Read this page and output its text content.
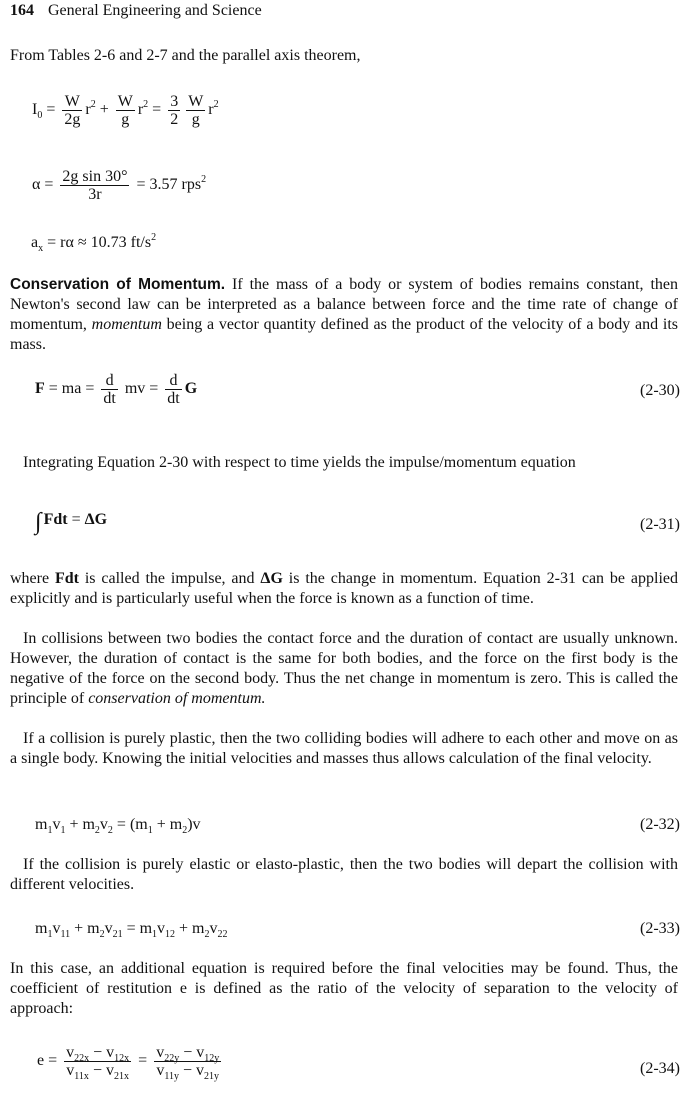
164 General Engineering and Science

From Tables 2-6 and 2-7 and the parallel axis theorem,

$I_0 = \frac{W}{2g} r^2 + \frac{W}{g} r^2 = \frac{3}{2} \frac{W}{g} r^2$
$\alpha = \frac{\text{2g sin 30°}}{3r} = 3.57$ rps$^2$
$a_x = r\alpha \approx 10.73$ $ft/s^2$

Conservation of Momentum. If the mass of a body or system of bodies remains constant, then Newton's second law can be interpreted as a balance between force and the time rate of change of momentum, momentum being a vector quantity defined as the product of the velocity of a body and its mass.

F = ma = $\frac{d}{dt}$ mv = $\frac{d}{dt}$ G	(2-30)

Integrating Equation 2-30 with respect to time yields the impulse/momentum equation

∫ Fdt = ΔG	(2-31)

where Fdt is called the impulse, and ΔG is the change in momentum. Equation 2-31 can be applied explicitly and is particularly useful when the force is known as a function of time.

In collisions between two bodies the contact force and the duration of contact are usually unknown. However, the duration of contact is the same for both bodies, and the force on the first body is the negative of the force on the second body. Thus the net change in momentum is zero. This is called the principle of conservation of momentum.

If a collision is purely plastic, then the two colliding bodies will adhere to each other and move on as a single body. Knowing the initial velocities and masses thus allows calculation of the final velocity.

$m_1v_1 + m_2v_2 = (m_1 + m_2)v$	(2-32)

If the collision is purely elastic or elasto-plastic, then the two bodies will depart the collision with different velocities.

$m_1v_{11} + m_2v_{21} = m_1v_{12} + m_2v_{22}$	(2-33)

In this case, an additional equation is required before the final velocities may be found. Thus, the coefficient of restitution e is defined as the ratio of the velocity of separation to the velocity of approach:

$e = \frac{v_{22x} - v_{12x}}{v_{11x} - v_{21x}} = \frac{v_{22y} - v_{12y}}{v_{11y} - v_{21y}}$	(2-34)
